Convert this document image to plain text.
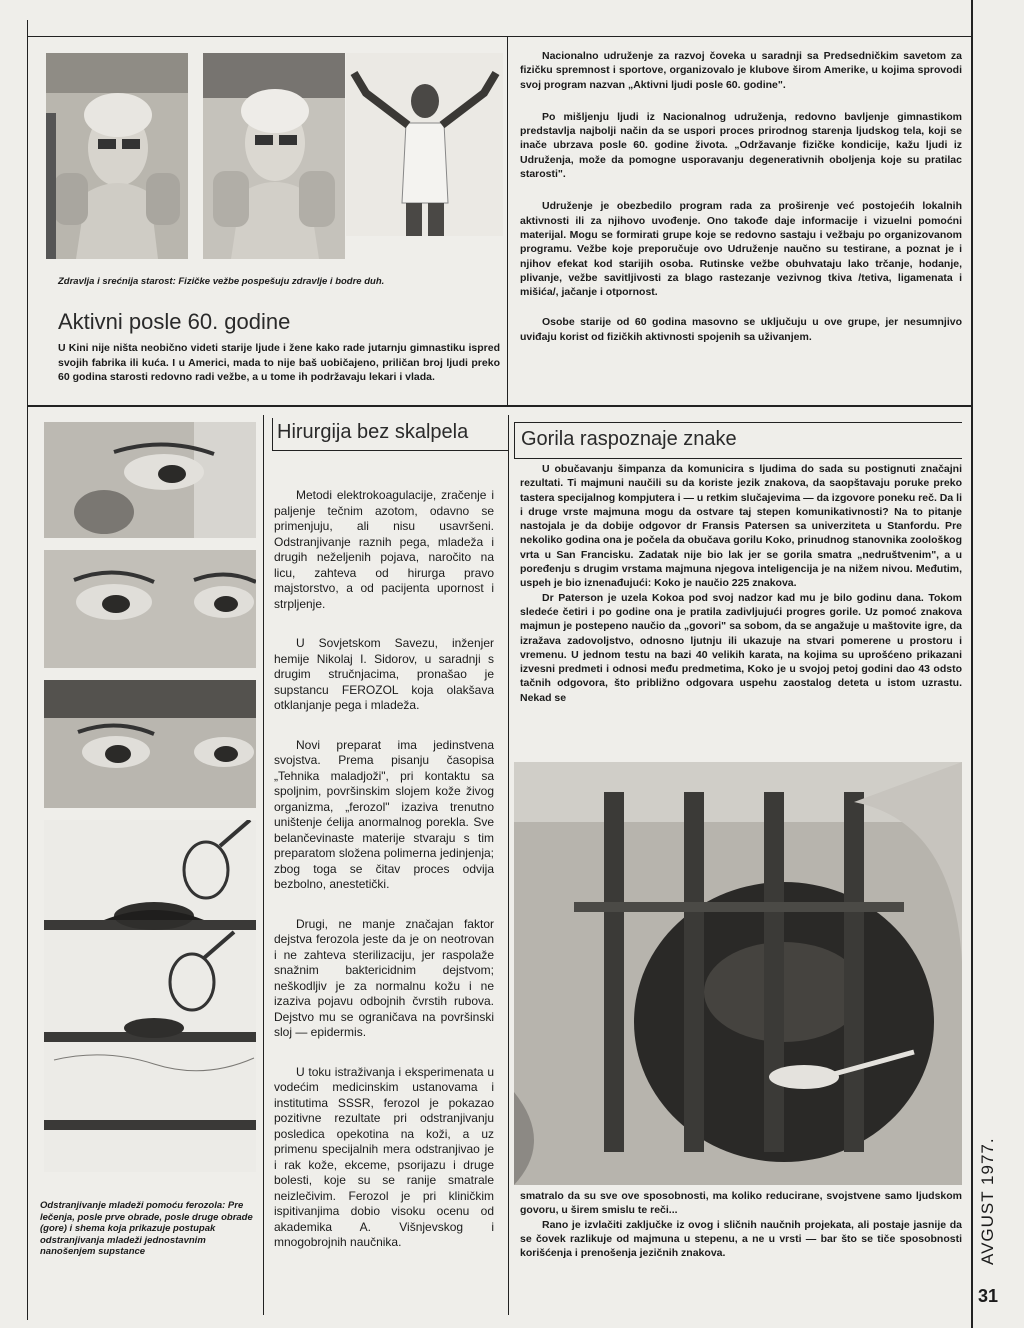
Zdravlja i srećnija starost: Fizičke vežbe pospešuju zdravlje i bodre duh.
Aktivni posle 60. godine
U Kini nije ništa neobično videti starije ljude i žene kako rade jutarnju gimnastiku ispred svojih fabrika ili kuća. I u Americi, mada to nije baš uobičajeno, priličan broj ljudi preko 60 godina starosti redovno radi vežbe, a u tome ih podržavaju lekari i vlada.

Nacionalno udruženje za razvoj čoveka u saradnji sa Predsedničkim savetom za fizičku spremnost i sportove, organizovalo je klubove širom Amerike, u kojima sprovodi svoj program nazvan „Aktivni ljudi posle 60. godine".

Po mišljenju ljudi iz Nacionalnog udruženja, redovno bavljenje gimnastikom predstavlja najbolji način da se uspori proces prirodnog starenja ljudskog tela, koji se inače ubrzava posle 60. godine života. „Održavanje fizičke kondicije, kažu ljudi iz Udruženja, može da pomogne usporavanju degenerativnih oboljenja koje su pratilac starosti".

Udruženje je obezbedilo program rada za proširenje već postojećih lokalnih aktivnosti ili za njihovo uvođenje. Ono takođe daje informacije i vizuelni pomoćni materijal. Mogu se formirati grupe koje se redovno sastaju i vežbaju po organizovanom programu. Vežbe koje preporučuje ovo Udruženje naučno su testirane, a poznat je i njihov efekat kod starijih osoba. Rutinske vežbe obuhvataju lako trčanje, hodanje, plivanje, vežbe savitljivosti za blago rastezanje vezivnog tkiva /tetiva, ligamenata i mišića/, jačanje i otpornost.

Osobe starije od 60 godina masovno se uključuju u ove grupe, jer nesumnjivo uviđaju korist od fizičkih aktivnosti spojenih sa uživanjem.

Odstranjivanje mladeži pomoću ferozola: Pre lečenja, posle prve obrade, posle druge obrade (gore) i shema koja prikazuje postupak odstranjivanja mladeži jednostavnim nanošenjem supstance
Hirurgija bez skalpela

Metodi elektrokoagulacije, zračenje i paljenje tečnim azotom, odavno se primenjuju, ali nisu usavršeni. Odstranjivanje raznih pega, mladeža i drugih neželjenih pojava, naročito na licu, zahteva od hirurga pravo majstorstvo, a od pacijenta upornost i strpljenje.

U Sovjetskom Savezu, inženjer hemije Nikolaj I. Sidorov, u saradnji s drugim stručnjacima, pronašao je supstancu FEROZOL koja olakšava otklanjanje pega i mladeža.

Novi preparat ima jedinstvena svojstva. Prema pisanju časopisa „Tehnika maladjoži", pri kontaktu sa spoljnim, površinskim slojem kože živog organizma, „ferozol" izaziva trenutno uništenje ćelija anormalnog porekla. Sve belančevinaste materije stvaraju s tim preparatom složena polimerna jedinjenja; zbog toga se čitav proces odvija bezbolno, anestetički.

Drugi, ne manje značajan faktor dejstva ferozola jeste da je on neotrovan i ne zahteva sterilizaciju, jer raspolaže snažnim baktericidnim dejstvom; neškodljiv je za normalnu kožu i ne izaziva pojavu odbojnih čvrstih rubova. Dejstvo mu se ograničava na površinski sloj — epidermis.

U toku istraživanja i eksperimenata u vodećim medicinskim ustanovama i institutima SSSR, ferozol je pokazao pozitivne rezultate pri odstranjivanju posledica opekotina na koži, a uz primenu specijalnih mera odstranjivao je i rak kože, ekceme, psorijazu i druge bolesti, koje su se ranije smatrale neizlečivim. Ferozol je pri kliničkim ispitivanjima dobio visoku ocenu od akademika A. Višnjevskog i mnogobrojnih naučnika.

Gorila raspoznaje znake

U obučavanju šimpanza da komunicira s ljudima do sada su postignuti značajni rezultati. Ti majmuni naučili su da koriste jezik znakova, da saopštavaju poruke preko tastera specijalnog kompjutera i — u retkim slučajevima — da izgovore poneku reč. Da li i drugе vrste majmuna mogu da ostvare taj stepen komunikativnosti? Na to pitanje nastojala je da dobije odgovor dr Fransis Patersen sa univerziteta u Stanfordu. Pre nekoliko godina ona je počela da obučava gorilu Koko, prinudnog stanovnika zoološkog vrta u San Francisku. Zadatak nije bio lak jer se gorila smatra „nedruštvenim", a u poređenju s drugim vrstama majmuna njegova inteligencija je na nižem nivou. Međutim, uspeh je bio iznenađujući: Koko je naučio 225 znakova.

Dr Paterson je uzela Kokoa pod svoj nadzor kad mu je bilo godinu dana. Tokom sledeće četiri i po godine ona je pratila zadivljujući progres gorile. Uz pomoć znakova majmun je postepeno naučio da „govori" sa sobom, da se angažuje u maštovite igre, da izražava zadovoljstvo, odnosno ljutnju ili ukazuje na stvari pomerene u prostoru i vremenu. U jednom testu na bazi 40 velikih karata, na kojima su uprošćeno prikazani izvesni predmeti i odnosi među predmetima, Koko je u svojoj petoj godini dao 43 odsto tačnih odgovora, što približno odgovara uspehu zaostalog deteta u istom uzrastu. Nekad se

smatralo da su sve ove sposobnosti, ma koliko reducirane, svojstvene samo ljudskom govoru, u širem smislu te reči...

Rano je izvlačiti zaključke iz ovog i sličnih naučnih projekata, ali postaje jasnije da se čovek razlikuje od majmuna u stepenu, a ne u vrsti — bar što se tiče sposobnosti korišćenja i prenošenja jezičnih znakova.	AVGUST 1977.
31
